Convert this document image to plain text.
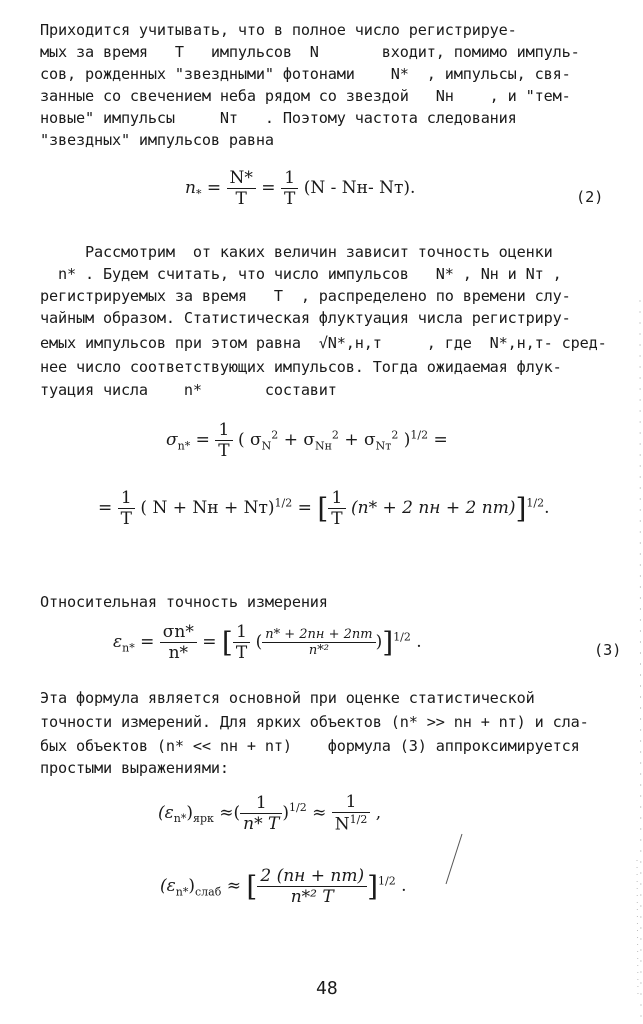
Приходится учитывать, что в полное число регистрируе-
мых за время   T   импульсов  N       входит, помимо импуль-
сов, рожденных "звездными" фотонами    N*  , импульсы, свя-
занные со свечением неба рядом со звездой   Nн    , и "тем-
новые" импульсы     Nт   . Поэтому частота следования
"звездных" импульсов равна
$n_* = \frac{N*}{T} = \frac{1}{T} (N - Nн-$ Nт).	(2)
Рассмотрим  от каких величин зависит точность оценки
n* . Будем считать, что число импульсов   N* , Nн и Nт ,
регистрируемых за время   T  , распределено по времени слу-
чайным образом. Статистическая флуктуация числа регистриру-
емых импульсов при этом равна  √N*,н,т     , где  N*,н,т- сред-
нее число соответствующих импульсов. Тогда ожидаемая флук-
туация числа    n*       составит
$\sigma_{n*} = \frac{1}{T}$ ( $\sigma_N^2 + \sigma_{Nн}^2 + \sigma_{Nт}^2$ )$^{1/2}$ =
= $\frac{1}{T}$ ( N + Nн + Nт)$^{1/2}$ = [ $\frac{1}{T} (n* + 2$ nн + 2 nт)]$^{1/2}$.
Относительная точность измерения
$\varepsilon_{n*} = \frac{\sigma n*}{n*}$ = [ $\frac{1}{T}$ ( $\frac{n* + 2nн + 2nт}{\text{n*²}} )]^{1/2}$ .	(3)
Эта формула является основной при оценке статистической
точности измерений. Для ярких объектов (n* >> nн + nт) и сла-
бых объектов (n* << nн + nт)    формула (3) аппроксимируется
простыми выражениями:
$(\varepsilon_{n*})_{ярк}$ ≈( $\frac{1}{n* T} )^{1/2} \approx \frac{1}{N^{1/2}}$ ,
$(\varepsilon_{n*})_{слаб}$ ≈ [ $\frac{2 (nн + nт)}{\text{n*² T}} ]^{1/2}$ .
48
